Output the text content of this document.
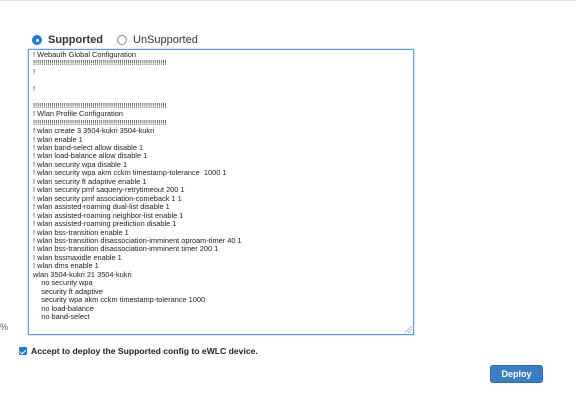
Supported	UnSupported
! Webauth Global Configuration
!!!!!!!!!!!!!!!!!!!!!!!!!!!!!!!!!!!!!!!!!!!!!!!!!!!!!!!!!!!!!!!!!
!

!

!!!!!!!!!!!!!!!!!!!!!!!!!!!!!!!!!!!!!!!!!!!!!!!!!!!!!!!!!!!!!!!!!
! Wlan Profile Configuration
!!!!!!!!!!!!!!!!!!!!!!!!!!!!!!!!!!!!!!!!!!!!!!!!!!!!!!!!!!!!!!!!!
! wlan create 3 3504-kukri 3504-kukri
! wlan enable 1
! wlan band-select allow disable 1
! wlan load-balance allow disable 1
! wlan security wpa disable 1
! wlan security wpa akm cckm timestamp-tolerance  1000 1
! wlan security ft adaptive enable 1
! wlan security pmf saquery-retrytimeout 200 1
! wlan security pmf association-comeback 1 1
! wlan assisted-roaming dual-list disable 1
! wlan assisted-roaming neighbor-list enable 1
! wlan assisted-roaming prediction disable 1
! wlan bss-transition enable 1
! wlan bss-transition disassociation-imminent oproam-timer 40 1
! wlan bss-transition disassociation-imminent timer 200 1
! wlan bssmaxidle enable 1
! wlan dms enable 1
wlan 3504-kukri 21 3504-kukri
no security wpa
security ft adaptive
security wpa akm cckm timestamp-tolerance 1000
no load-balance
no band-select
%
Accept to deploy the Supported config to eWLC device.
Deploy
